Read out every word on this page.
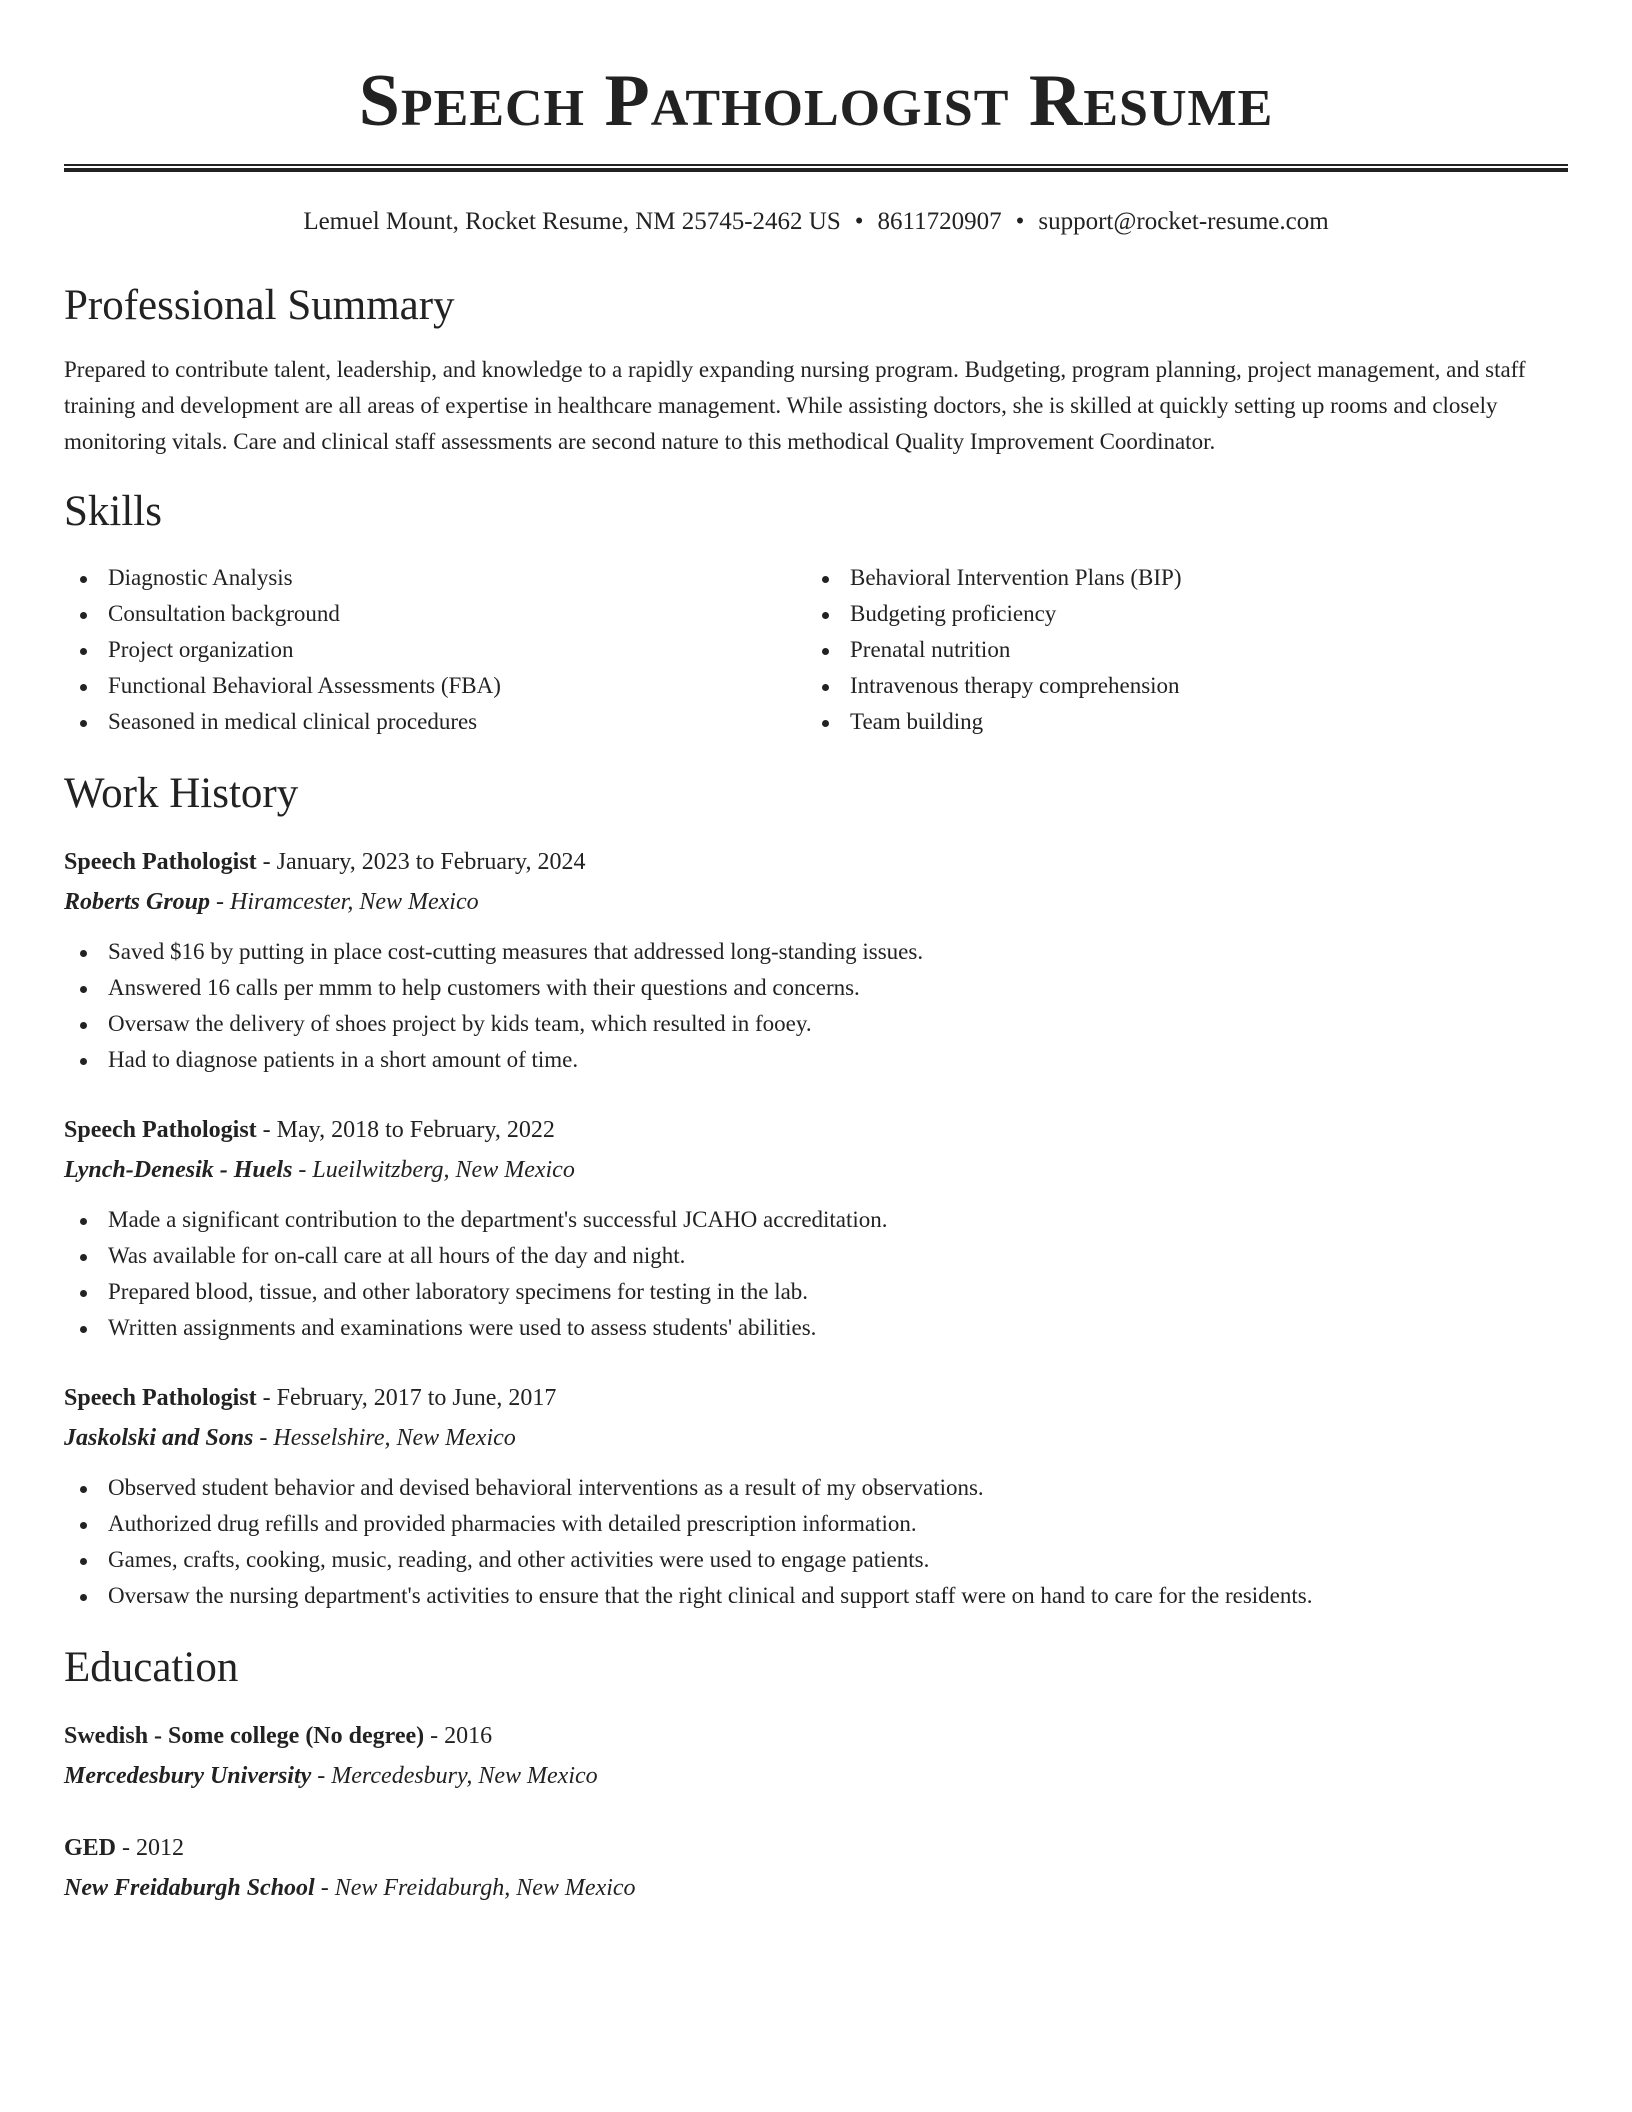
Speech Pathologist Resume
Lemuel Mount, Rocket Resume, NM 25745-2462 US • 8611720907 • support@rocket-resume.com
Professional Summary

Prepared to contribute talent, leadership, and knowledge to a rapidly expanding nursing program. Budgeting, program planning, project management, and staff training and development are all areas of expertise in healthcare management. While assisting doctors, she is skilled at quickly setting up rooms and closely monitoring vitals. Care and clinical staff assessments are second nature to this methodical Quality Improvement Coordinator.

Skills
Diagnostic Analysis
Consultation background
Project organization
Functional Behavioral Assessments (FBA)
Seasoned in medical clinical procedures
Behavioral Intervention Plans (BIP)
Budgeting proficiency
Prenatal nutrition
Intravenous therapy comprehension
Team building
Work History
Speech Pathologist - January, 2023 to February, 2024
Roberts Group - Hiramcester, New Mexico
Saved $16 by putting in place cost-cutting measures that addressed long-standing issues.
Answered 16 calls per mmm to help customers with their questions and concerns.
Oversaw the delivery of shoes project by kids team, which resulted in fooey.
Had to diagnose patients in a short amount of time.
Speech Pathologist - May, 2018 to February, 2022
Lynch-Denesik - Huels - Lueilwitzberg, New Mexico
Made a significant contribution to the department's successful JCAHO accreditation.
Was available for on-call care at all hours of the day and night.
Prepared blood, tissue, and other laboratory specimens for testing in the lab.
Written assignments and examinations were used to assess students' abilities.
Speech Pathologist - February, 2017 to June, 2017
Jaskolski and Sons - Hesselshire, New Mexico
Observed student behavior and devised behavioral interventions as a result of my observations.
Authorized drug refills and provided pharmacies with detailed prescription information.
Games, crafts, cooking, music, reading, and other activities were used to engage patients.
Oversaw the nursing department's activities to ensure that the right clinical and support staff were on hand to care for the residents.
Education
Swedish - Some college (No degree) - 2016
Mercedesbury University - Mercedesbury, New Mexico
GED - 2012
New Freidaburgh School - New Freidaburgh, New Mexico
